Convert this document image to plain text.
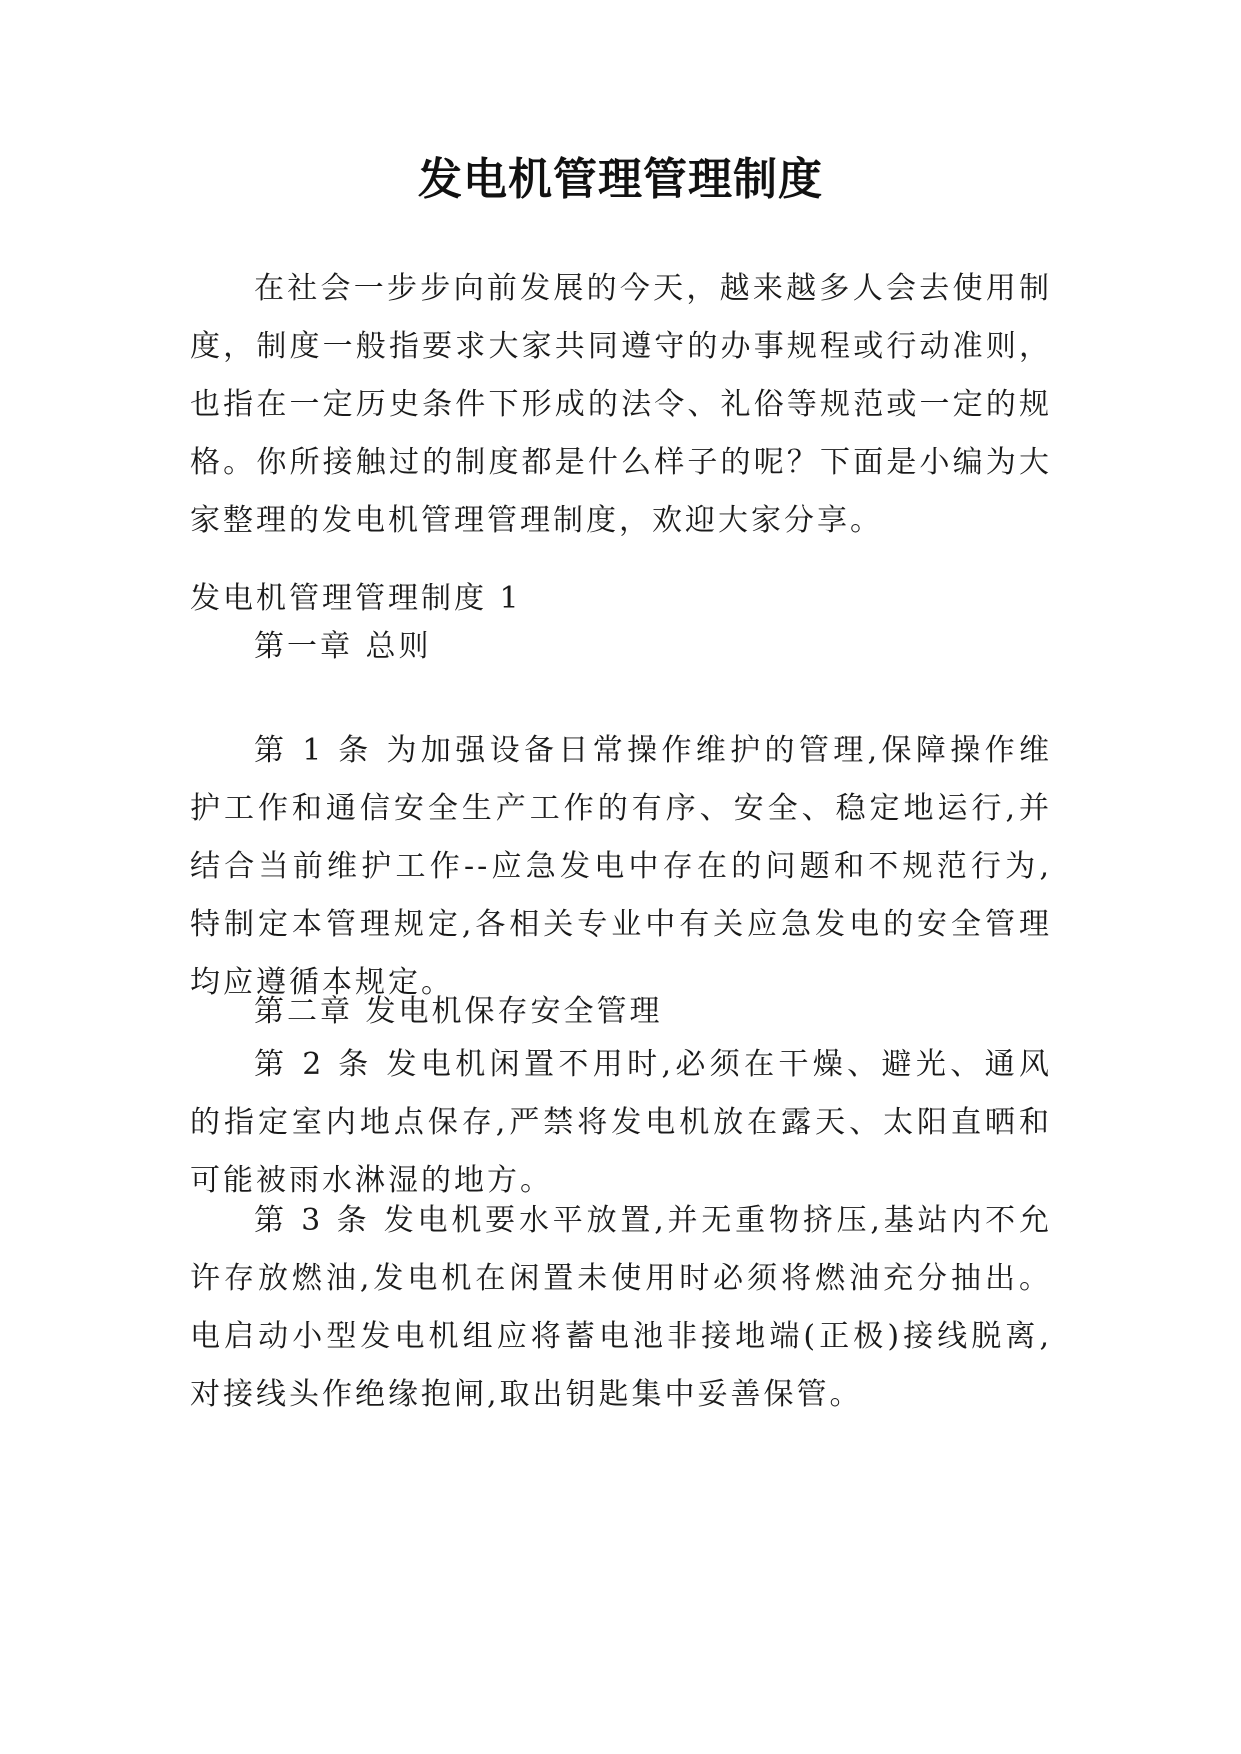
发电机管理管理制度

在社会一步步向前发展的今天，越来越多人会去使用制度，制度一般指要求大家共同遵守的办事规程或行动准则，也指在一定历史条件下形成的法令、礼俗等规范或一定的规格。你所接触过的制度都是什么样子的呢？下面是小编为大家整理的发电机管理管理制度，欢迎大家分享。

发电机管理管理制度 1

第一章 总则

第 1 条 为加强设备日常操作维护的管理,保障操作维护工作和通信安全生产工作的有序、安全、稳定地运行,并结合当前维护工作--应急发电中存在的问题和不规范行为,特制定本管理规定,各相关专业中有关应急发电的安全管理均应遵循本规定。

第二章 发电机保存安全管理

第 2 条 发电机闲置不用时,必须在干燥、避光、通风的指定室内地点保存,严禁将发电机放在露天、太阳直晒和可能被雨水淋湿的地方。

第 3 条 发电机要水平放置,并无重物挤压,基站内不允许存放燃油,发电机在闲置未使用时必须将燃油充分抽出。电启动小型发电机组应将蓄电池非接地端(正极)接线脱离,对接线头作绝缘抱闸,取出钥匙集中妥善保管。
